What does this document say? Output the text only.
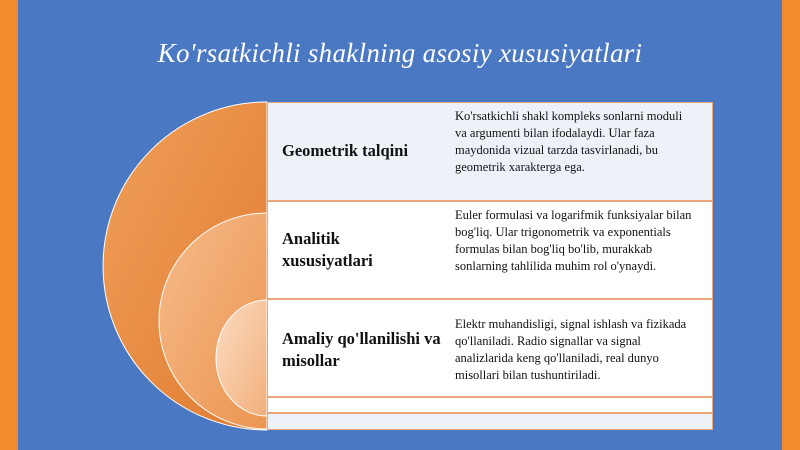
Ko'rsatkichli shaklning asosiy xususiyatlari
Geometrik talqini
Ko'rsatkichli shakl kompleks sonlarni moduli va argumenti bilan ifodalaydi. Ular faza maydonida vizual tarzda tasvirlanadi, bu geometrik xarakterga ega.
Analitik xususiyatlari
Euler formulasi va logarifmik funksiyalar bilan bog'liq. Ular trigonometrik va exponentials formulas bilan bog'liq bo'lib, murakkab sonlarning tahlilida muhim rol o'ynaydi.
Amaliy qo'llanilishi va misollar
Elektr muhandisligi, signal ishlash va fizikada qo'llaniladi. Radio signallar va signal analizlarida keng qo'llaniladi, real dunyo misollari bilan tushuntiriladi.
